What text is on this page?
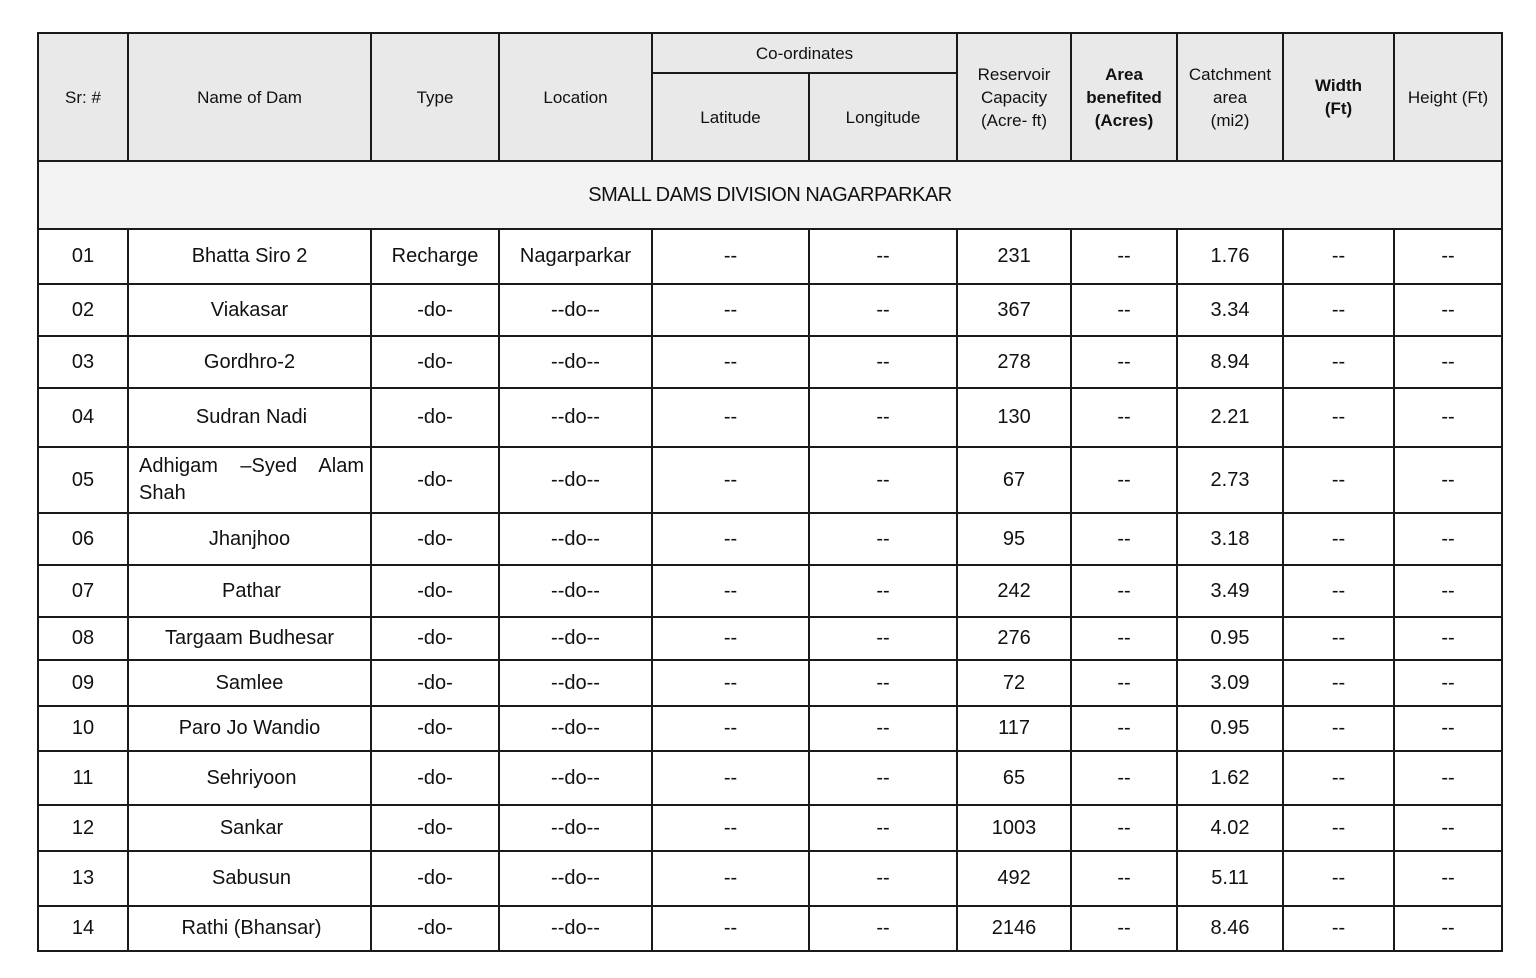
Sr: #	Name of Dam	Type	Location	Co-ordinates		Reservoir
Capacity
(Acre- ft)	Area
benefited
(Acres)	Catchment
area
(mi2)	Width
(Ft)	Height (Ft)
				Latitude	Longitude					
SMALL DAMS DIVISION NAGARPARKAR										
01	Bhatta Siro 2	Recharge	Nagarparkar	--	--	231	--	1.76	--	--
02	Viakasar	-do-	--do--	--	--	367	--	3.34	--	--
03	Gordhro-2	-do-	--do--	--	--	278	--	8.94	--	--
04	Sudran Nadi	-do-	--do--	--	--	130	--	2.21	--	--
05	Adhigam –Syed Alam Shah	-do-	--do--	--	--	67	--	2.73	--	--
06	Jhanjhoo	-do-	--do--	--	--	95	--	3.18	--	--
07	Pathar	-do-	--do--	--	--	242	--	3.49	--	--
08	Targaam Budhesar	-do-	--do--	--	--	276	--	0.95	--	--
09	Samlee	-do-	--do--	--	--	72	--	3.09	--	--
10	Paro Jo Wandio	-do-	--do--	--	--	117	--	0.95	--	--
11	Sehriyoon	-do-	--do--	--	--	65	--	1.62	--	--
12	Sankar	-do-	--do--	--	--	1003	--	4.02	--	--
13	Sabusun	-do-	--do--	--	--	492	--	5.11	--	--
14	Rathi (Bhansar)	-do-	--do--	--	--	2146	--	8.46	--	--
